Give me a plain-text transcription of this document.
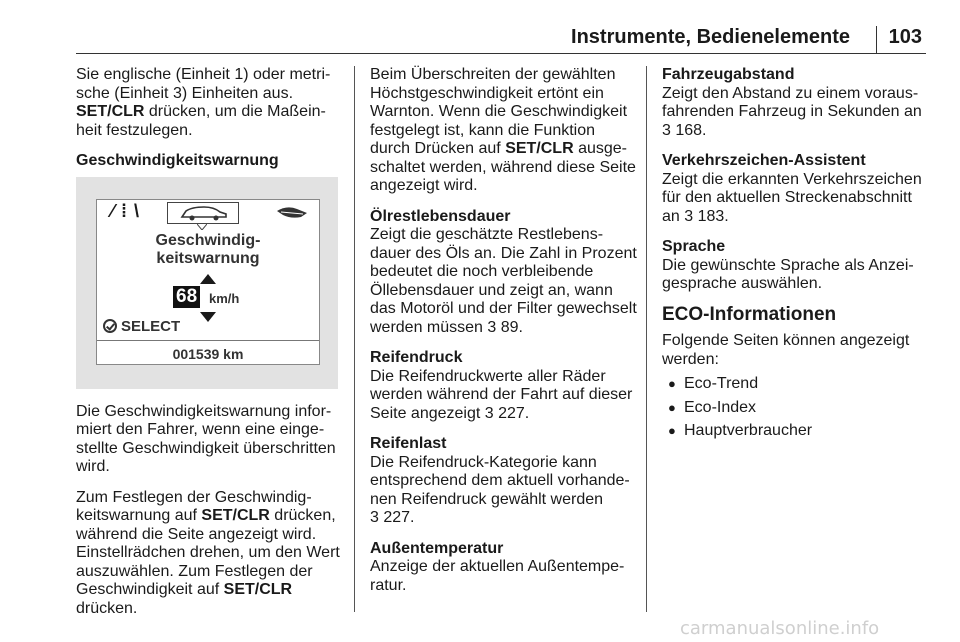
Instrumente, Bedienelemente 103

Sie englische (Einheit 1) oder metri-sche (Einheit 3) Einheiten aus.
SET/CLR drücken, um die Maßein-heit festzulegen.

Geschwindigkeitswarnung

⁄ ⁞ \
Geschwindig-
keitswarnung
68 km/h
SELECT
001539 km

Die Geschwindigkeitswarnung infor-miert den Fahrer, wenn eine einge-stellte Geschwindigkeit überschritten wird.

Zum Festlegen der Geschwindig-keitswarnung auf SET/CLR drücken, während die Seite angezeigt wird. Einstellrädchen drehen, um den Wert auszuwählen. Zum Festlegen der Geschwindigkeit auf SET/CLR drücken.

Beim Überschreiten der gewählten Höchstgeschwindigkeit ertönt ein Warnton. Wenn die Geschwindigkeit festgelegt ist, kann die Funktion durch Drücken auf SET/CLR ausge-schaltet werden, während diese Seite angezeigt wird.

Ölrestlebensdauer

Zeigt die geschätzte Restlebens-dauer des Öls an. Die Zahl in Prozent bedeutet die noch verbleibende Öllebensdauer und zeigt an, wann das Motoröl und der Filter gewechselt werden müssen 3 89.

Reifendruck

Die Reifendruckwerte aller Räder werden während der Fahrt auf dieser Seite angezeigt 3 227.

Reifenlast

Die Reifendruck-Kategorie kann entsprechend dem aktuell vorhande-nen Reifendruck gewählt werden
3 227.

Außentemperatur

Anzeige der aktuellen Außentempe-ratur.

Fahrzeugabstand

Zeigt den Abstand zu einem voraus-fahrenden Fahrzeug in Sekunden an
3 168.

Verkehrszeichen-Assistent

Zeigt die erkannten Verkehrszeichen für den aktuellen Streckenabschnitt an 3 183.

Sprache

Die gewünschte Sprache als Anzei-gesprache auswählen.

ECO-Informationen

Folgende Seiten können angezeigt werden:

● Eco-Trend
● Eco-Index
● Hauptverbraucher
carmanualsonline.info
